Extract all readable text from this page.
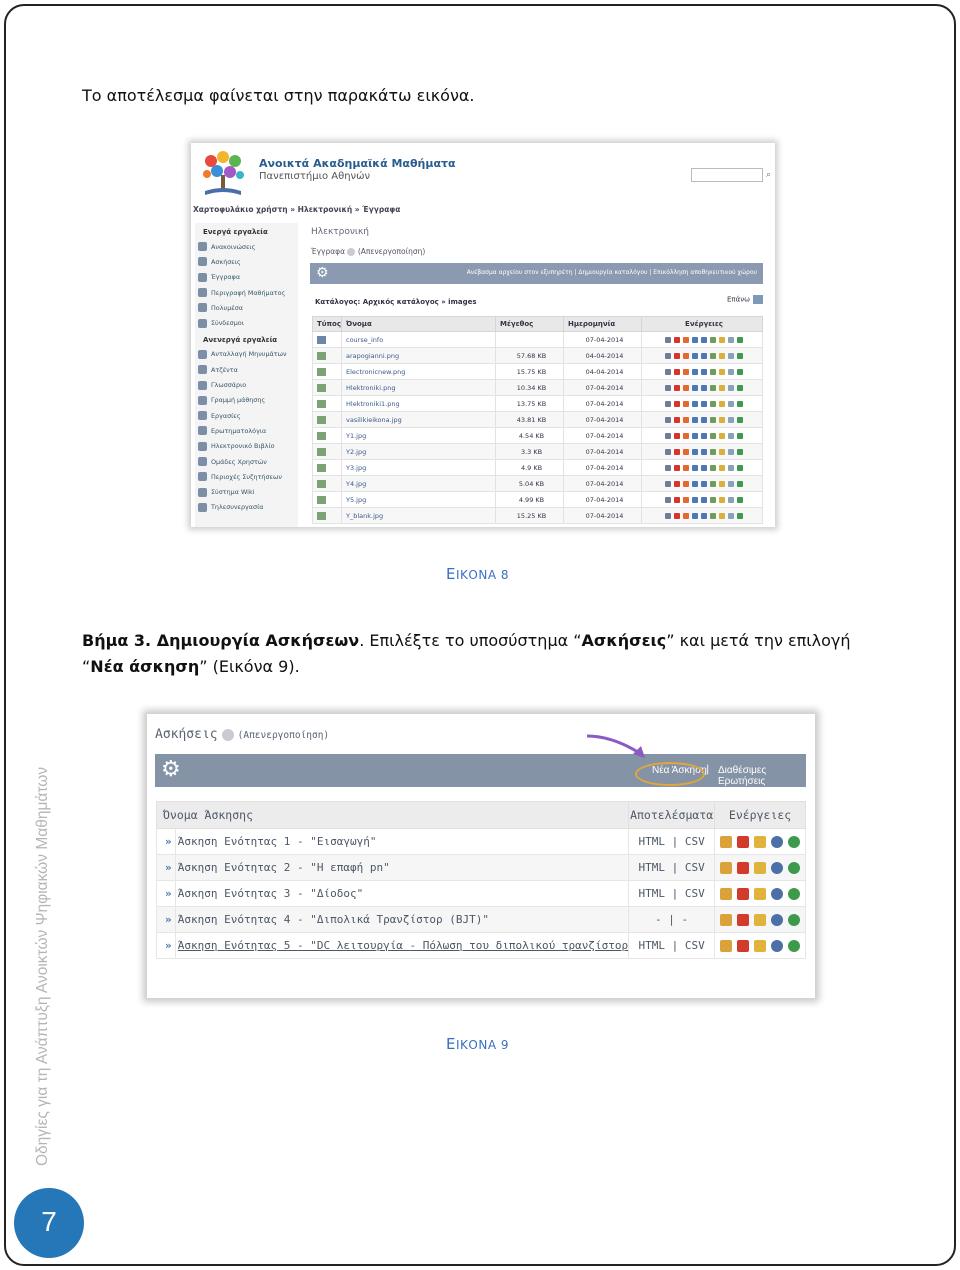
Το αποτέλεσμα φαίνεται στην παρακάτω εικόνα.

Ανοικτά Ακαδημαϊκά Μαθήματα
Πανεπιστήμιο Αθηνών	⌕
Χαρτοφυλάκιο χρήστη » Ηλεκτρονική » Έγγραφα
Ενεργά εργαλεία
Ανακοινώσεις
Ασκήσεις
Έγγραφα
Περιγραφή Μαθήματος
Πολυμέσα
Σύνδεσμοι
Ανενεργά εργαλεία
Ανταλλαγή Μηνυμάτων
Ατζέντα
Γλωσσάριο
Γραμμή μάθησης
Εργασίες
Ερωτηματολόγια
Ηλεκτρονικό Βιβλίο
Ομάδες Χρηστών
Περιοχές Συζητήσεων
Σύστημα Wiki
Τηλεσυνεργασία
Ηλεκτρονική
Έγγραφα (Απενεργοποίηση)
⚙	Ανέβασμα αρχείου στον εξυπηρέτη | Δημιουργία καταλόγου | Επικόλληση αποθηκευτικού χώρου
Κατάλογος: Αρχικός κατάλογος » images	Επάνω
Τύπος	Όνομα	Μέγεθος	Ημερομηνία	Ενέργειες
	course_info		07-04-2014	

	arapogianni.png	57.68 KB	04-04-2014	

	Electronicnew.png	15.75 KB	04-04-2014	

	Hlektroniki.png	10.34 KB	07-04-2014	

	Hlektroniki1.png	13.75 KB	07-04-2014	

	vasilikieikona.jpg	43.81 KB	07-04-2014	

	Y1.jpg	4.54 KB	07-04-2014	

	Y2.jpg	3.3 KB	07-04-2014	

	Y3.jpg	4.9 KB	07-04-2014	

	Y4.jpg	5.04 KB	07-04-2014	

	Y5.jpg	4.99 KB	07-04-2014	

	Y_blank.jpg	15.25 KB	07-04-2014	
ΕΙΚΟΝΑ 8

Βήμα 3. Δημιουργία Ασκήσεων. Επιλέξτε το υποσύστημα “Ασκήσεις” και μετά την επιλογή “Νέα άσκηση” (Εικόνα 9).

Ασκήσεις (Απενεργοποίηση)
⚙	Νέα Άσκηση | Διαθέσιμες Ερωτήσεις
Όνομα Άσκησης		Αποτελέσματα	Ενέργειες
»	Άσκηση Ενότητας 1 - "Εισαγωγή"	HTML | CSV	

»	Άσκηση Ενότητας 2 - "Η επαφή pn"	HTML | CSV	

»	Άσκηση Ενότητας 3 - "Δίοδος"	HTML | CSV	

»	Άσκηση Ενότητας 4 - "Διπολικά Τρανζίστορ (BJT)"	- | -	

»	Άσκηση Ενότητας 5 - "DC λειτουργία - Πόλωση του διπολικού τρανζίστορ	HTML | CSV	
ΕΙΚΟΝΑ 9
Οδηγίες για τη Ανάπτυξη Ανοικτών Ψηφιακών Μαθημάτων
7
